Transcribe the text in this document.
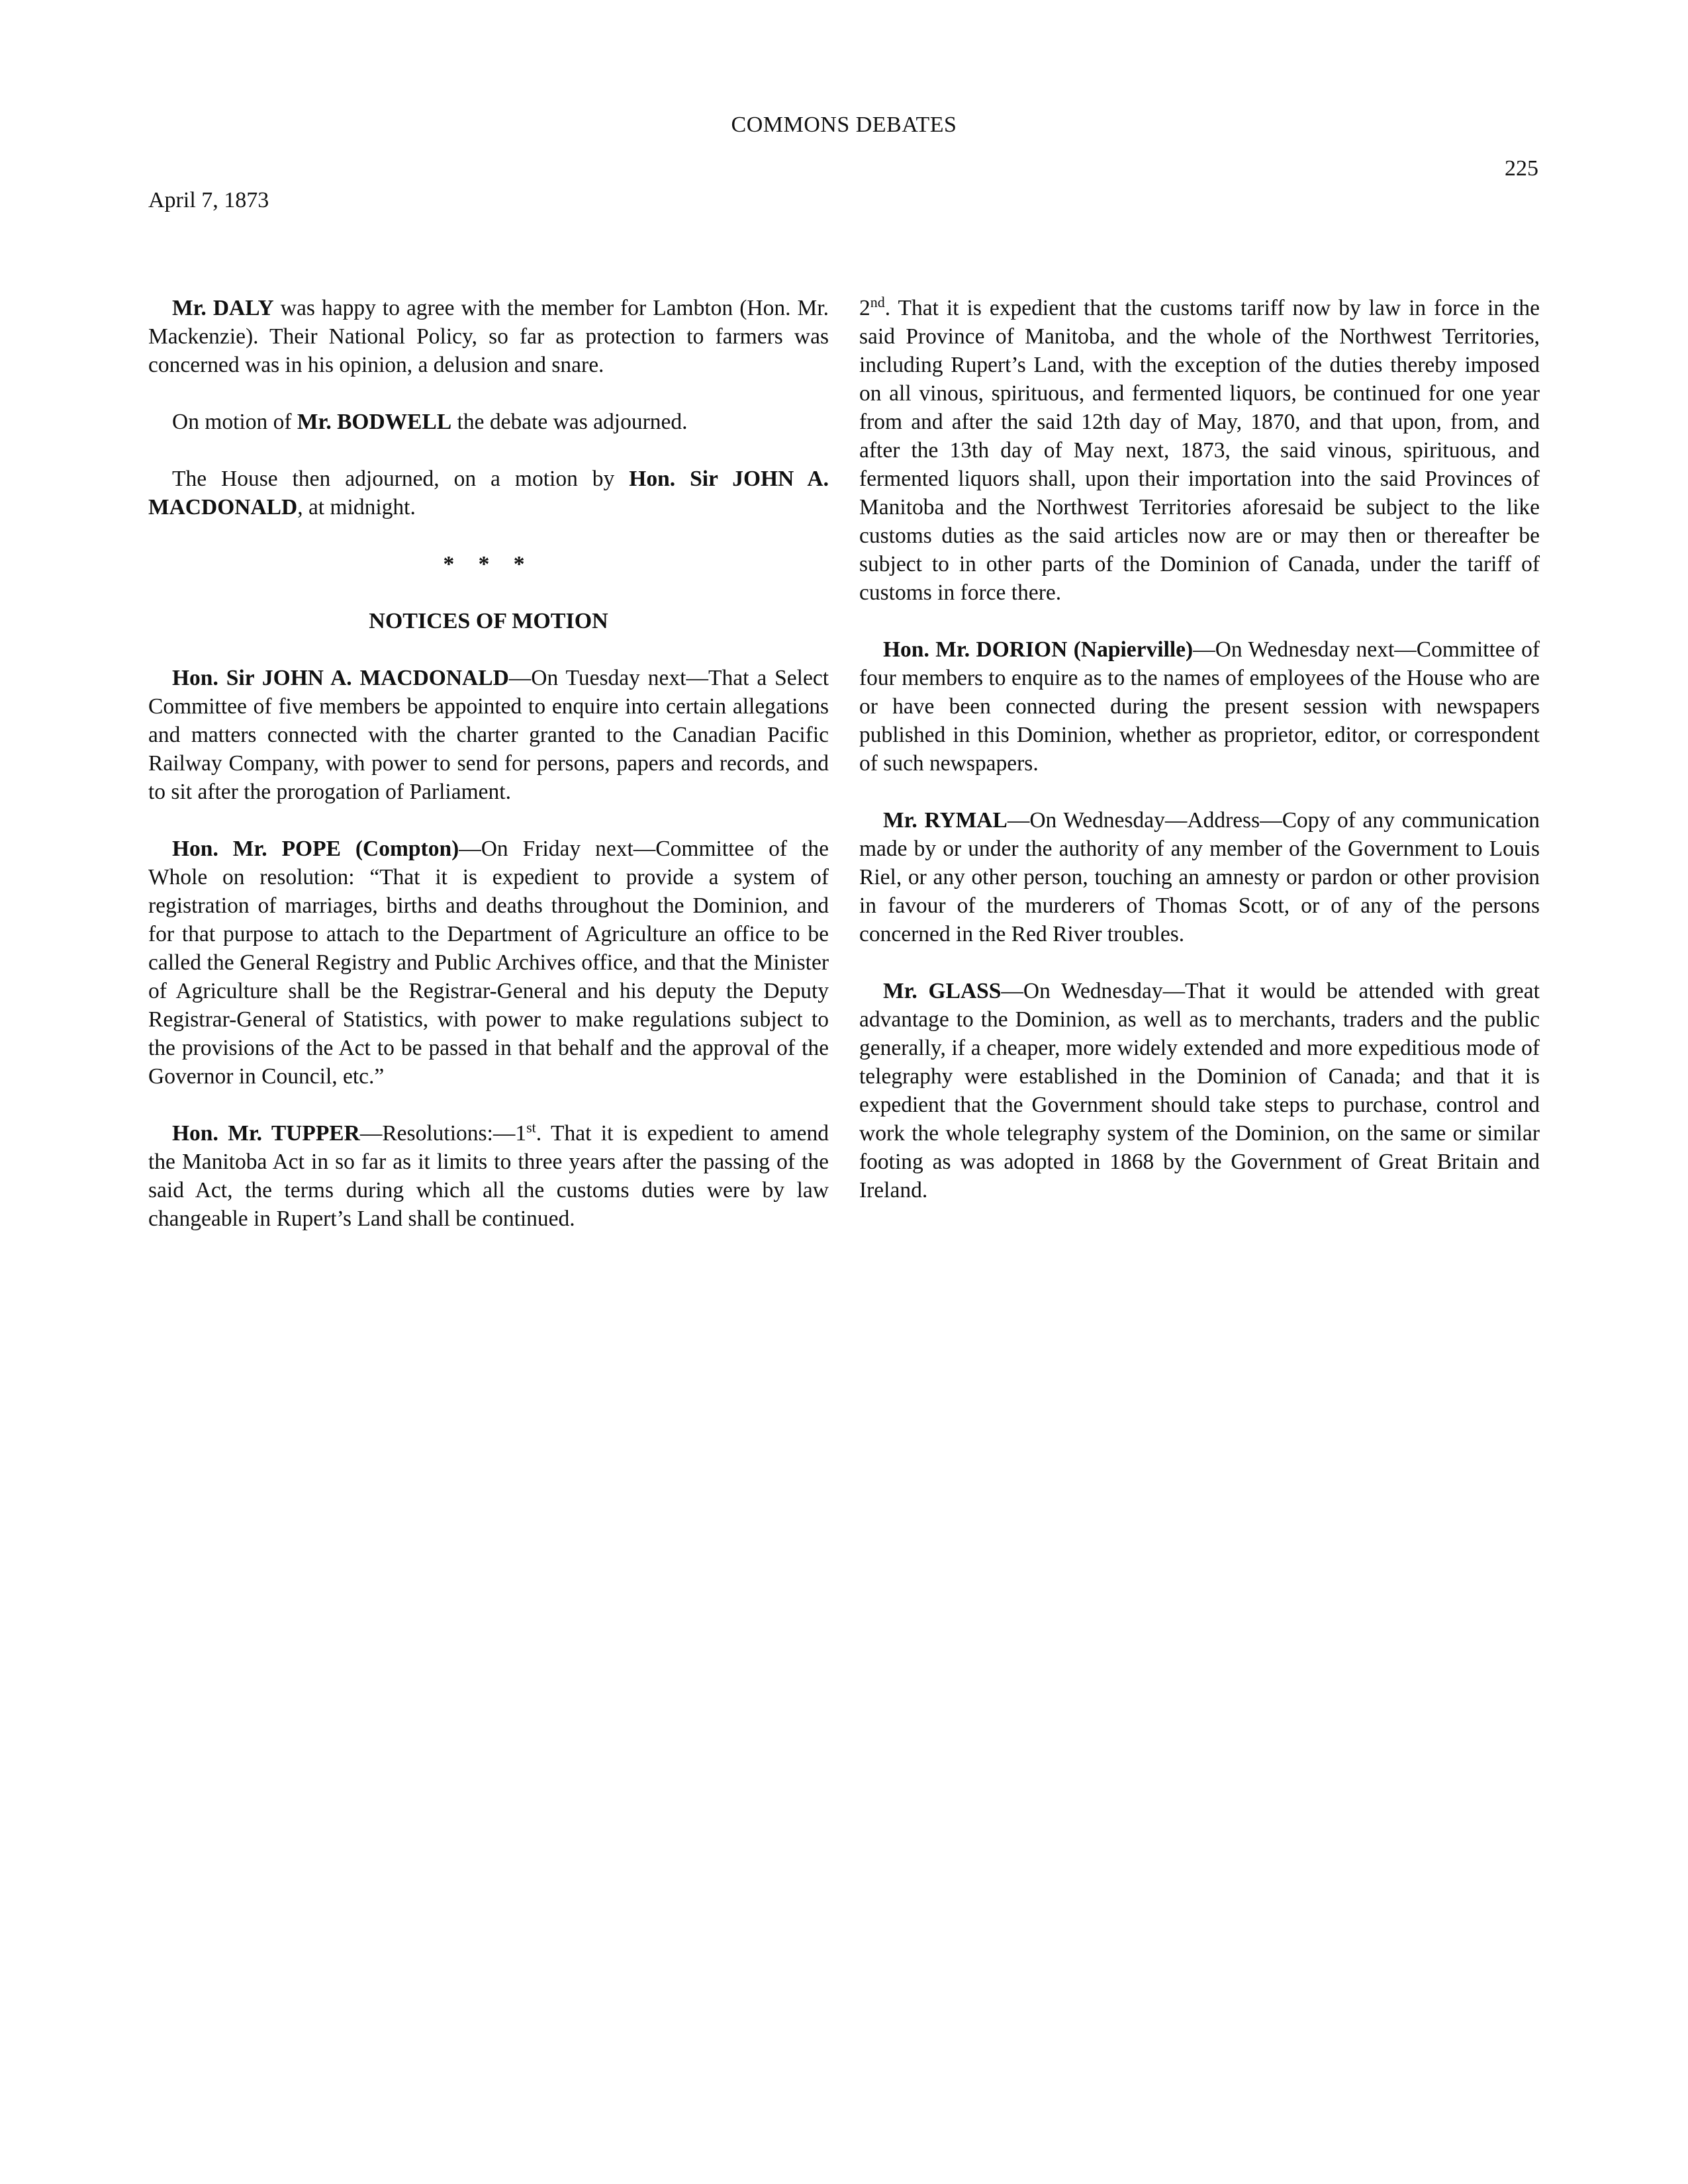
COMMONS DEBATES
225
April 7, 1873

Mr. DALY was happy to agree with the member for Lambton (Hon. Mr. Mackenzie). Their National Policy, so far as protection to farmers was concerned was in his opinion, a delusion and snare.

On motion of Mr. BODWELL the debate was adjourned.

The House then adjourned, on a motion by Hon. Sir JOHN A. MACDONALD, at midnight.

* * *

NOTICES OF MOTION

Hon. Sir JOHN A. MACDONALD—On Tuesday next—That a Select Committee of five members be appointed to enquire into certain allegations and matters connected with the charter granted to the Canadian Pacific Railway Company, with power to send for persons, papers and records, and to sit after the prorogation of Parliament.

Hon. Mr. POPE (Compton)—On Friday next—Committee of the Whole on resolution: “That it is expedient to provide a system of registration of marriages, births and deaths throughout the Dominion, and for that purpose to attach to the Department of Agriculture an office to be called the General Registry and Public Archives office, and that the Minister of Agriculture shall be the Registrar-General and his deputy the Deputy Registrar-General of Statistics, with power to make regulations subject to the provisions of the Act to be passed in that behalf and the approval of the Governor in Council, etc.”

Hon. Mr. TUPPER—Resolutions:—1st. That it is expedient to amend the Manitoba Act in so far as it limits to three years after the passing of the said Act, the terms during which all the customs duties were by law changeable in Rupert’s Land shall be continued.

2nd. That it is expedient that the customs tariff now by law in force in the said Province of Manitoba, and the whole of the Northwest Territories, including Rupert’s Land, with the exception of the duties thereby imposed on all vinous, spirituous, and fermented liquors, be continued for one year from and after the said 12th day of May, 1870, and that upon, from, and after the 13th day of May next, 1873, the said vinous, spirituous, and fermented liquors shall, upon their importation into the said Provinces of Manitoba and the Northwest Territories aforesaid be subject to the like customs duties as the said articles now are or may then or thereafter be subject to in other parts of the Dominion of Canada, under the tariff of customs in force there.

Hon. Mr. DORION (Napierville)—On Wednesday next—Committee of four members to enquire as to the names of employees of the House who are or have been connected during the present session with newspapers published in this Dominion, whether as proprietor, editor, or correspondent of such newspapers.

Mr. RYMAL—On Wednesday—Address—Copy of any communication made by or under the authority of any member of the Government to Louis Riel, or any other person, touching an amnesty or pardon or other provision in favour of the murderers of Thomas Scott, or of any of the persons concerned in the Red River troubles.

Mr. GLASS—On Wednesday—That it would be attended with great advantage to the Dominion, as well as to merchants, traders and the public generally, if a cheaper, more widely extended and more expeditious mode of telegraphy were established in the Dominion of Canada; and that it is expedient that the Government should take steps to purchase, control and work the whole telegraphy system of the Dominion, on the same or similar footing as was adopted in 1868 by the Government of Great Britain and Ireland.
